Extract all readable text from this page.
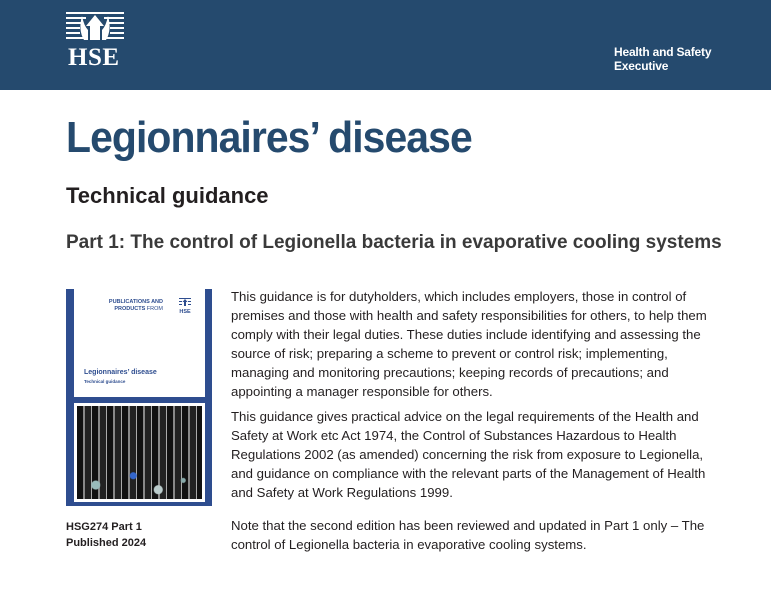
HSE	Health and Safety
Executive
Legionnaires’ disease
Technical guidance
Part 1: The control of Legionella bacteria in evaporative cooling systems
PUBLICATIONS AND
PRODUCTS FROM	HSE
Legionnaires’ disease
Technical guidance
HSG274 Part 1
Published 2024

This guidance is for dutyholders, which includes employers, those in control of premises and those with health and safety responsibilities for others, to help them comply with their legal duties. These duties include identifying and assessing the source of risk; preparing a scheme to prevent or control risk; implementing, managing and monitoring precautions; keeping records of precautions; and appointing a manager responsible for others.

This guidance gives practical advice on the legal requirements of the Health and Safety at Work etc Act 1974, the Control of Substances Hazardous to Health Regulations 2002 (as amended) concerning the risk from exposure to Legionella, and guidance on compliance with the relevant parts of the Management of Health and Safety at Work Regulations 1999.

Note that the second edition has been reviewed and updated in Part 1 only – The control of Legionella bacteria in evaporative cooling systems.
